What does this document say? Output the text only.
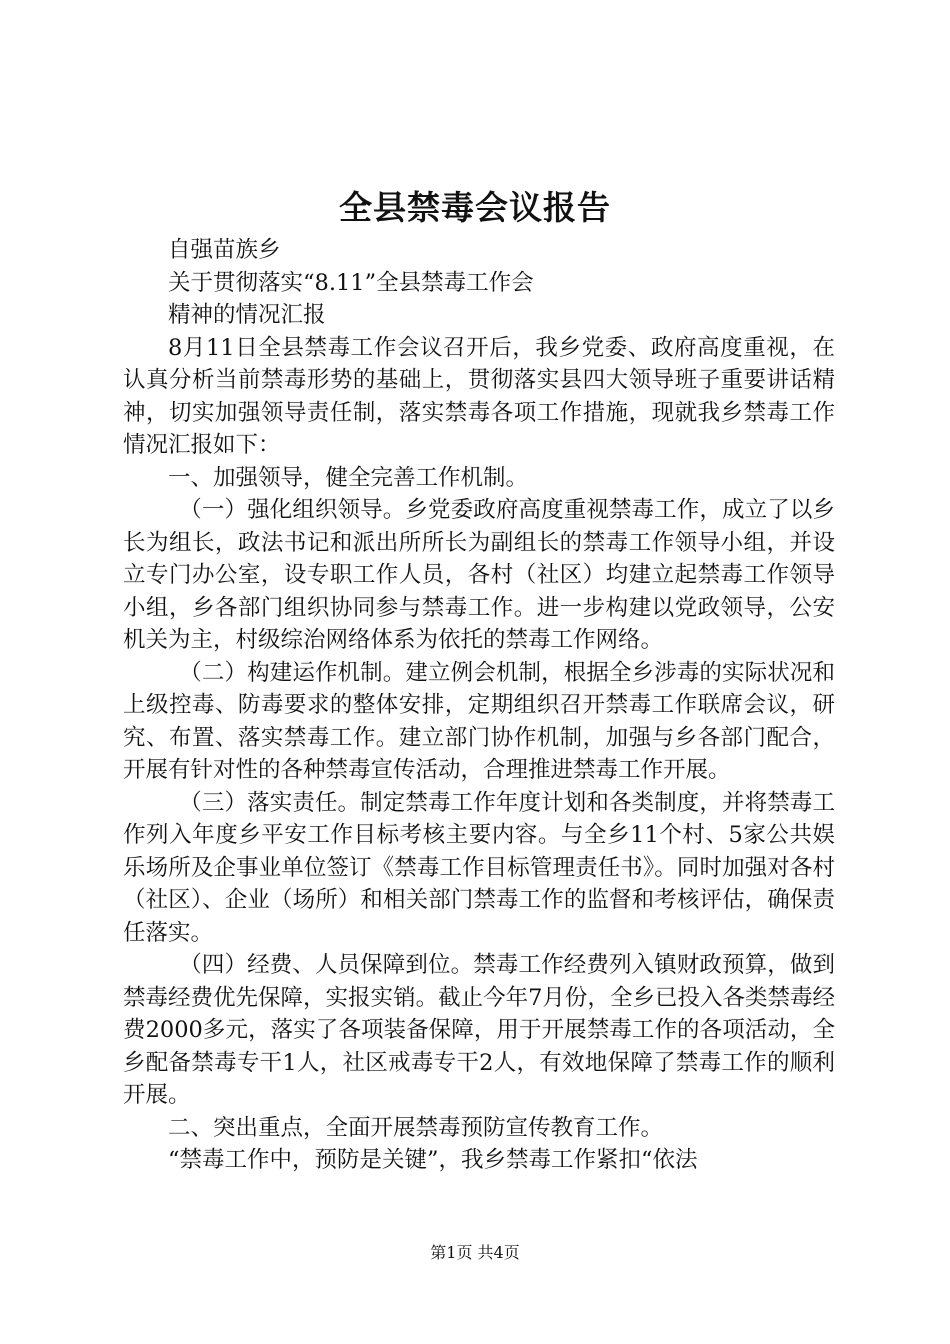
全县禁毒会议报告

自强苗族乡

关于贯彻落实“8.11”全县禁毒工作会

精神的情况汇报

8月11日全县禁毒工作会议召开后，我乡党委、政府高度重视，在认真分析当前禁毒形势的基础上，贯彻落实县四大领导班子重要讲话精神，切实加强领导责任制，落实禁毒各项工作措施，现就我乡禁毒工作情况汇报如下：

一、加强领导，健全完善工作机制。

（一）强化组织领导。乡党委政府高度重视禁毒工作，成立了以乡长为组长，政法书记和派出所所长为副组长的禁毒工作领导小组，并设立专门办公室，设专职工作人员，各村（社区）均建立起禁毒工作领导小组，乡各部门组织协同参与禁毒工作。进一步构建以党政领导，公安机关为主，村级综治网络体系为依托的禁毒工作网络。

（二）构建运作机制。建立例会机制，根据全乡涉毒的实际状况和上级控毒、防毒要求的整体安排，定期组织召开禁毒工作联席会议，研究、布置、落实禁毒工作。建立部门协作机制，加强与乡各部门配合，开展有针对性的各种禁毒宣传活动，合理推进禁毒工作开展。

（三）落实责任。制定禁毒工作年度计划和各类制度，并将禁毒工作列入年度乡平安工作目标考核主要内容。与全乡11个村、5家公共娱乐场所及企事业单位签订《禁毒工作目标管理责任书》。同时加强对各村（社区）、企业（场所）和相关部门禁毒工作的监督和考核评估，确保责任落实。

（四）经费、人员保障到位。禁毒工作经费列入镇财政预算，做到禁毒经费优先保障，实报实销。截止今年7月份，全乡已投入各类禁毒经费2000多元，落实了各项装备保障，用于开展禁毒工作的各项活动，全乡配备禁毒专干1人，社区戒毒专干2人，有效地保障了禁毒工作的顺利开展。

二、突出重点，全面开展禁毒预防宣传教育工作。

“禁毒工作中，预防是关键”，我乡禁毒工作紧扣“依法

第1页 共4页
